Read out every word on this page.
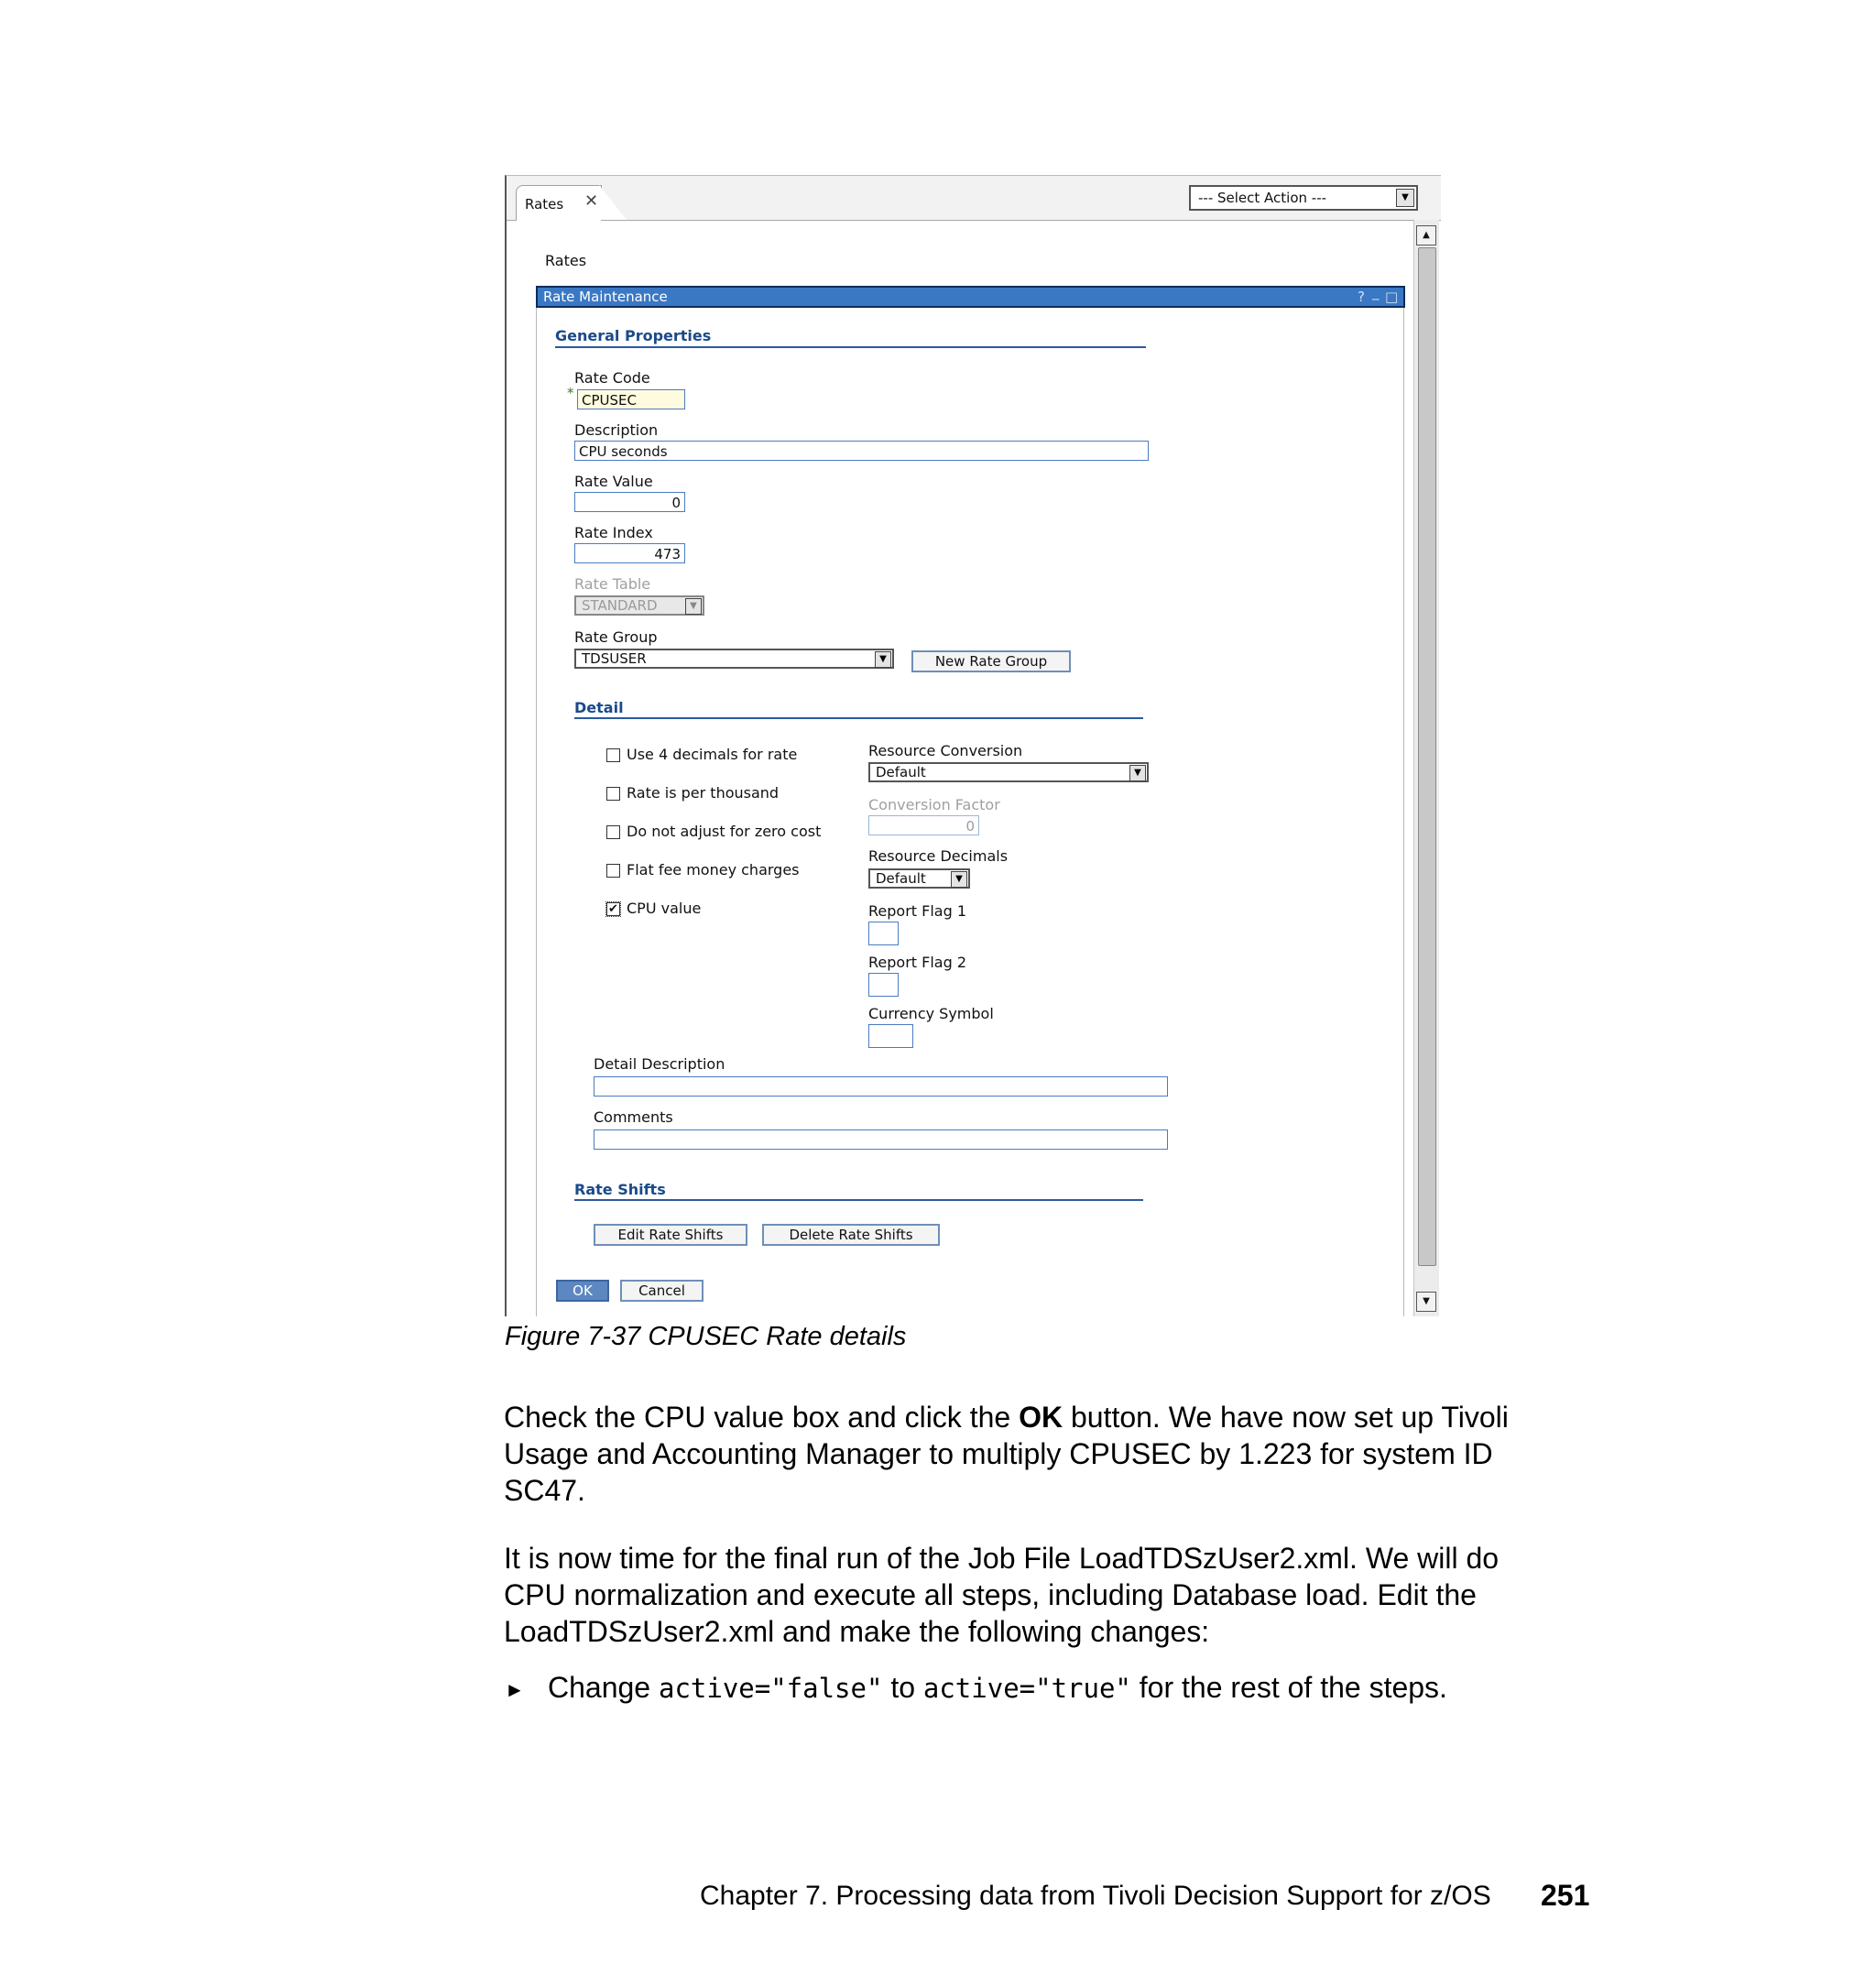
Rates ✕	--- Select Action ---	▼
Rates
Rate Maintenance	? _ □
General Properties
Rate Code
* CPUSEC
Description
CPU seconds
Rate Value
0
Rate Index
473
Rate Table
STANDARD	▼
Rate Group
TDSUSER	▼	New Rate Group
Detail
Use 4 decimals for rate
Rate is per thousand
Do not adjust for zero cost
Flat fee money charges
✔ CPU value
Resource Conversion
Default	▼
Conversion Factor
0
Resource Decimals
Default	▼
Report Flag 1
Report Flag 2
Currency Symbol
Detail Description
Comments
Rate Shifts
Edit Rate Shifts	Delete Rate Shifts
OK	Cancel
▲
▼
Figure 7-37 CPUSEC Rate details
Check the CPU value box and click the OK button. We have now set up Tivoli Usage and Accounting Manager to multiply CPUSEC by 1.223 for system ID SC47.
It is now time for the final run of the Job File LoadTDSzUser2.xml. We will do CPU normalization and execute all steps, including Database load. Edit the LoadTDSzUser2.xml and make the following changes:
► Change active="false" to active="true" for the rest of the steps.
Chapter 7. Processing data from Tivoli Decision Support for z/OS 251
